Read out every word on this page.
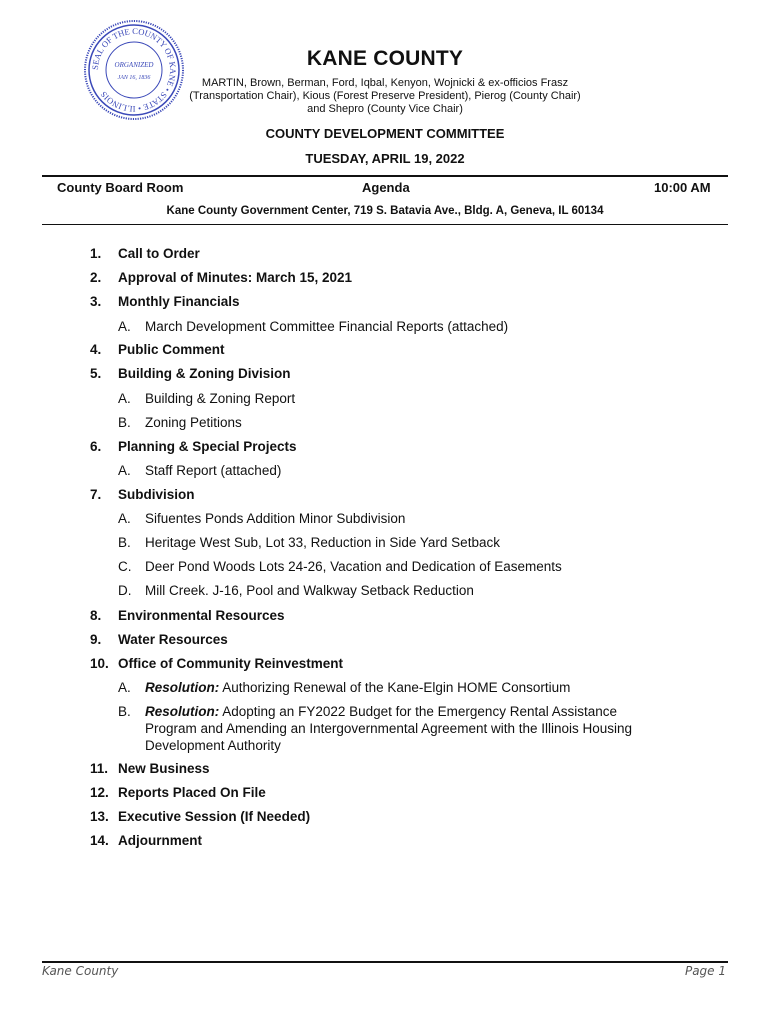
SEAL OF THE COUNTY OF KANE • STATE • ILLINOIS
ORGANIZED
JAN 16, 1836
KANE COUNTY
MARTIN, Brown, Berman, Ford, Iqbal, Kenyon, Wojnicki & ex-officios Frasz
(Transportation Chair), Kious (Forest Preserve President), Pierog (County Chair)
and Shepro (County Vice Chair)
COUNTY DEVELOPMENT COMMITTEE
TUESDAY, APRIL 19, 2022
County Board Room	Agenda	10:00 AM
Kane County Government Center, 719 S. Batavia Ave., Bldg. A, Geneva, IL 60134
1. Call to Order
2. Approval of Minutes: March 15, 2021
3. Monthly Financials
A. March Development Committee Financial Reports (attached)
4. Public Comment
5. Building & Zoning Division
A. Building & Zoning Report
B. Zoning Petitions
6. Planning & Special Projects
A. Staff Report (attached)
7. Subdivision
A. Sifuentes Ponds Addition Minor Subdivision
B. Heritage West Sub, Lot 33, Reduction in Side Yard Setback
C. Deer Pond Woods Lots 24-26, Vacation and Dedication of Easements
D. Mill Creek. J-16, Pool and Walkway Setback Reduction
8. Environmental Resources
9. Water Resources
10. Office of Community Reinvestment
A. Resolution: Authorizing Renewal of the Kane-Elgin HOME Consortium
B. Resolution: Adopting an FY2022 Budget for the Emergency Rental Assistance Program and Amending an Intergovernmental Agreement with the Illinois Housing Development Authority
11. New Business
12. Reports Placed On File
13. Executive Session (If Needed)
14. Adjournment
Kane County	Page 1
